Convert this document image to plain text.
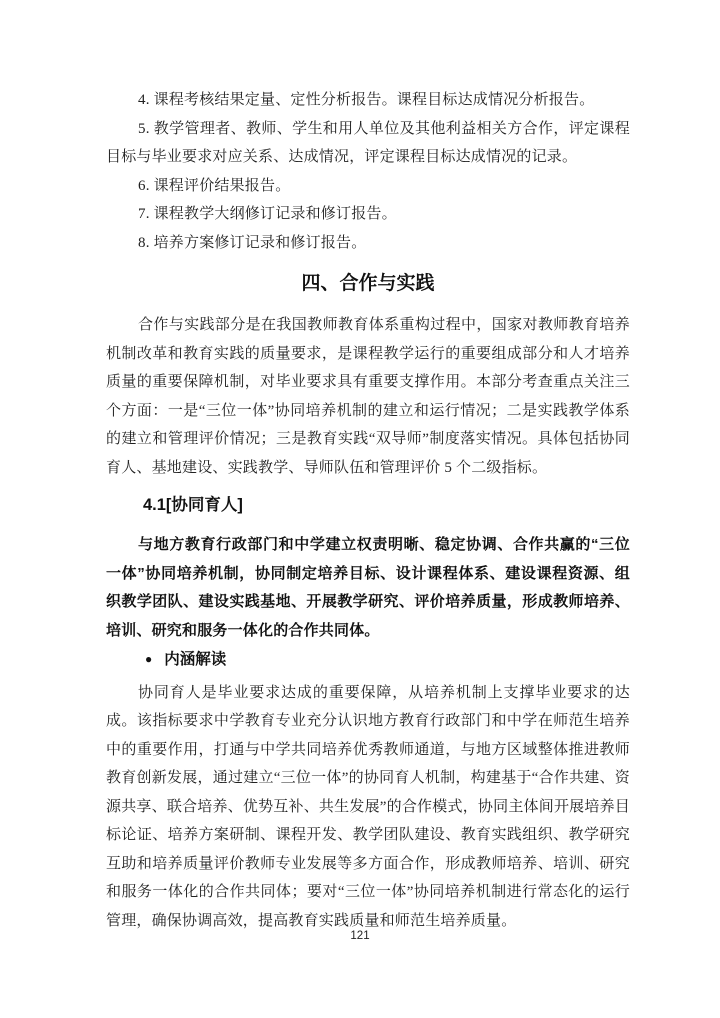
4. 课程考核结果定量、定性分析报告。课程目标达成情况分析报告。

5. 教学管理者、教师、学生和用人单位及其他利益相关方合作，评定课程目标与毕业要求对应关系、达成情况，评定课程目标达成情况的记录。

6. 课程评价结果报告。

7. 课程教学大纲修订记录和修订报告。

8. 培养方案修订记录和修订报告。

四、合作与实践

合作与实践部分是在我国教师教育体系重构过程中，国家对教师教育培养机制改革和教育实践的质量要求，是课程教学运行的重要组成部分和人才培养质量的重要保障机制，对毕业要求具有重要支撑作用。本部分考查重点关注三个方面：一是“三位一体”协同培养机制的建立和运行情况；二是实践教学体系的建立和管理评价情况；三是教育实践“双导师”制度落实情况。具体包括协同育人、基地建设、实践教学、导师队伍和管理评价 5 个二级指标。

4.1[协同育人]

与地方教育行政部门和中学建立权责明晰、稳定协调、合作共赢的“三位一体”协同培养机制，协同制定培养目标、设计课程体系、建设课程资源、组织教学团队、建设实践基地、开展教学研究、评价培养质量，形成教师培养、培训、研究和服务一体化的合作共同体。

● 内涵解读

协同育人是毕业要求达成的重要保障，从培养机制上支撑毕业要求的达成。该指标要求中学教育专业充分认识地方教育行政部门和中学在师范生培养中的重要作用，打通与中学共同培养优秀教师通道，与地方区域整体推进教师教育创新发展，通过建立“三位一体”的协同育人机制，构建基于“合作共建、资源共享、联合培养、优势互补、共生发展”的合作模式，协同主体间开展培养目标论证、培养方案研制、课程开发、教学团队建设、教育实践组织、教学研究互助和培养质量评价教师专业发展等多方面合作，形成教师培养、培训、研究和服务一体化的合作共同体；要对“三位一体”协同培养机制进行常态化的运行管理，确保协调高效，提高教育实践质量和师范生培养质量。

121
